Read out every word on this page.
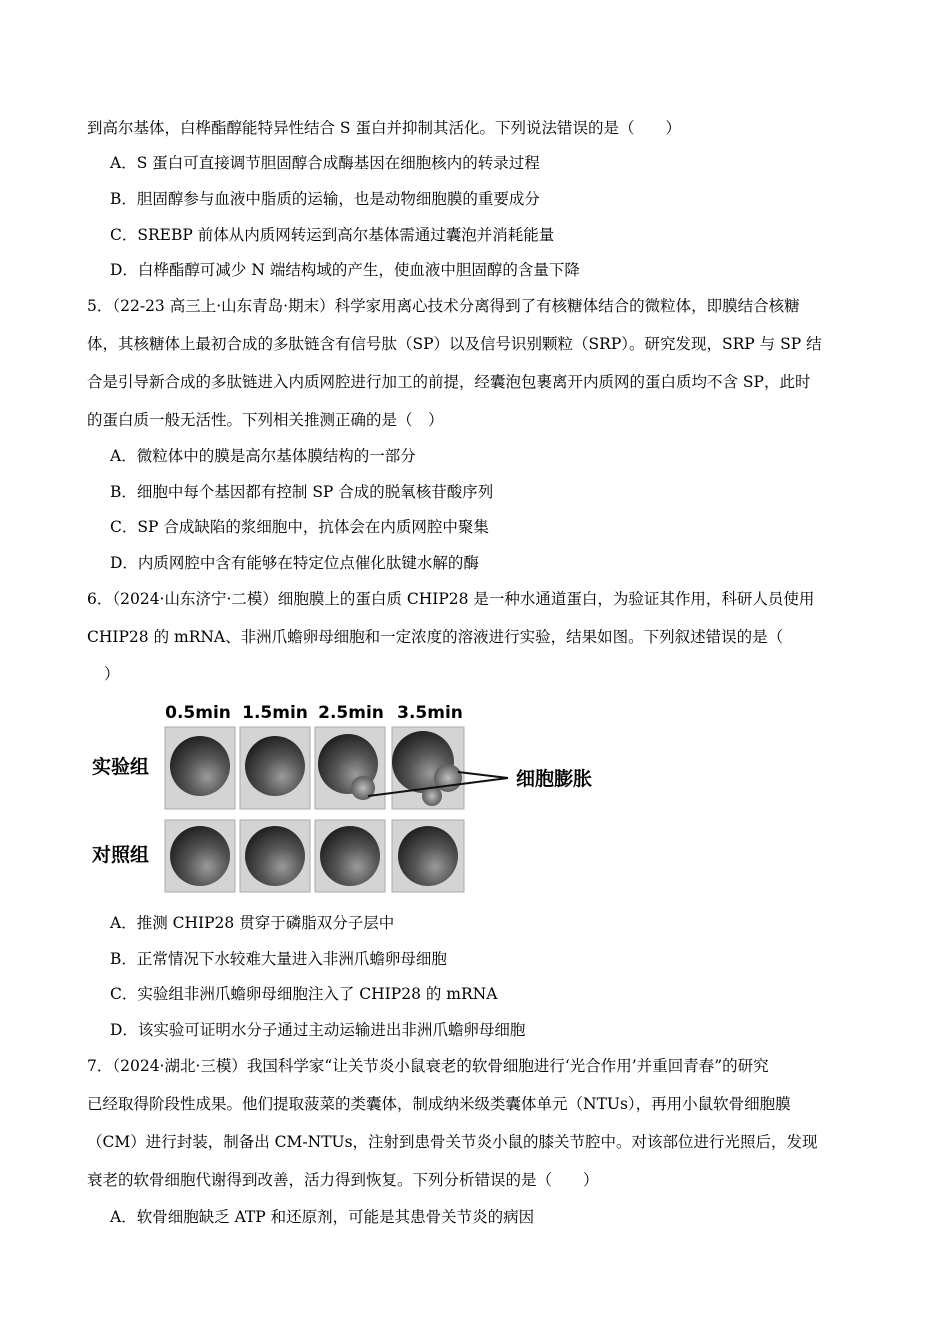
到高尔基体，白桦酯醇能特异性结合 S 蛋白并抑制其活化。下列说法错误的是（　　）
A．S 蛋白可直接调节胆固醇合成酶基因在细胞核内的转录过程
B．胆固醇参与血液中脂质的运输，也是动物细胞膜的重要成分
C．SREBP 前体从内质网转运到高尔基体需通过囊泡并消耗能量
D．白桦酯醇可减少 N 端结构域的产生，使血液中胆固醇的含量下降
5．（22-23 高三上·山东青岛·期末）科学家用离心技术分离得到了有核糖体结合的微粒体，即膜结合核糖
体，其核糖体上最初合成的多肽链含有信号肽（SP）以及信号识别颗粒（SRP）。研究发现，SRP 与 SP 结
合是引导新合成的多肽链进入内质网腔进行加工的前提，经囊泡包裹离开内质网的蛋白质均不含 SP，此时
的蛋白质一般无活性。下列相关推测正确的是（　）
A．微粒体中的膜是高尔基体膜结构的一部分
B．细胞中每个基因都有控制 SP 合成的脱氧核苷酸序列
C．SP 合成缺陷的浆细胞中，抗体会在内质网腔中聚集
D．内质网腔中含有能够在特定位点催化肽键水解的酶
6．（2024·山东济宁·二模）细胞膜上的蛋白质 CHIP28 是一种水通道蛋白，为验证其作用，科研人员使用
CHIP28 的 mRNA、非洲爪蟾卵母细胞和一定浓度的溶液进行实验，结果如图。下列叙述错误的是（
）
0.5min 1.5min 2.5min 3.5min
细胞膨胀
实验组
对照组
A．推测 CHIP28 贯穿于磷脂双分子层中
B．正常情况下水较难大量进入非洲爪蟾卵母细胞
C．实验组非洲爪蟾卵母细胞注入了 CHIP28 的 mRNA
D．该实验可证明水分子通过主动运输进出非洲爪蟾卵母细胞
7．（2024·湖北·三模）我国科学家“让关节炎小鼠衰老的软骨细胞进行‘光合作用’并重回青春”的研究
已经取得阶段性成果。他们提取菠菜的类囊体，制成纳米级类囊体单元（NTUs），再用小鼠软骨细胞膜
（CM）进行封装，制备出 CM-NTUs，注射到患骨关节炎小鼠的膝关节腔中。对该部位进行光照后，发现
衰老的软骨细胞代谢得到改善，活力得到恢复。下列分析错误的是（　　）
A．软骨细胞缺乏 ATP 和还原剂，可能是其患骨关节炎的病因
